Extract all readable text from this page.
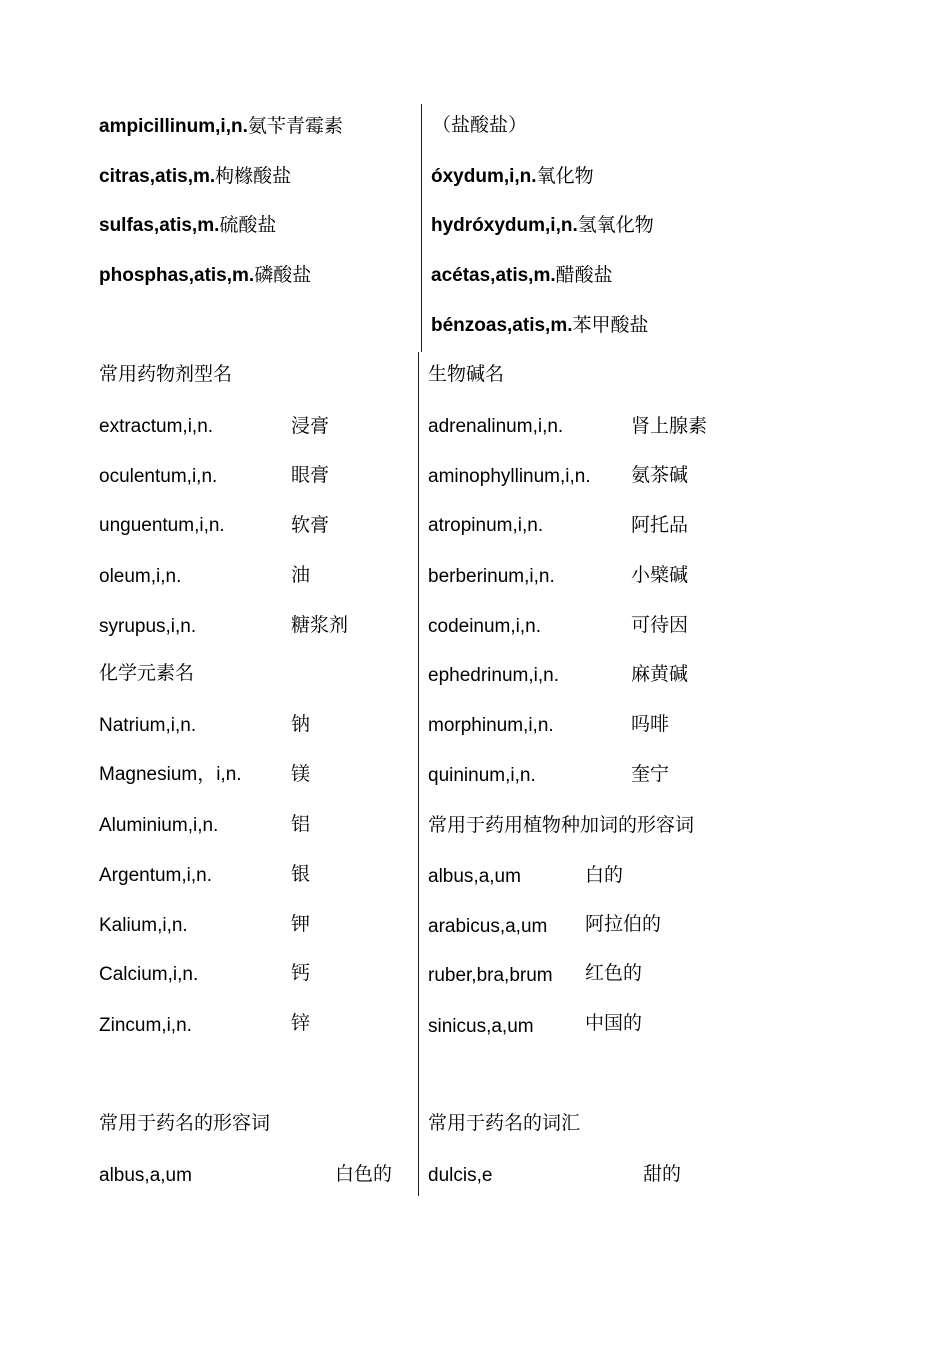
ampicillinum,i,n.氨苄青霉素
citras,atis,m.枸橼酸盐
sulfas,atis,m.硫酸盐
phosphas,atis,m.磷酸盐
（盐酸盐）
óxydum,i,n.氧化物
hydróxydum,i,n.氢氧化物
acétas,atis,m.醋酸盐
bénzoas,atis,m.苯甲酸盐
常用药物剂型名
extractum,i,n.	浸膏
oculentum,i,n.	眼膏
unguentum,i,n.	软膏
oleum,i,n.	油
syrupus,i,n.	糖浆剂
化学元素名
Natrium,i,n.	钠
Magnesium，i,n.	镁
Aluminium,i,n.	铝
Argentum,i,n.	银
Kalium,i,n.	钾
Calcium,i,n.	钙
Zincum,i,n.	锌
生物碱名
adrenalinum,i,n.	肾上腺素
aminophyllinum,i,n. 氨茶碱
atropinum,i,n.	阿托品
berberinum,i,n.	小檗碱
codeinum,i,n.	可待因
ephedrinum,i,n.	麻黄碱
morphinum,i,n.	吗啡
quininum,i,n.	奎宁
常用于药用植物种加词的形容词
albus,a,um	白的
arabicus,a,um 阿拉伯的
ruber,bra,brum 红色的
sinicus,a,um	中国的
常用于药名的形容词
albus,a,um	白色的
常用于药名的词汇
dulcis,e	甜的
